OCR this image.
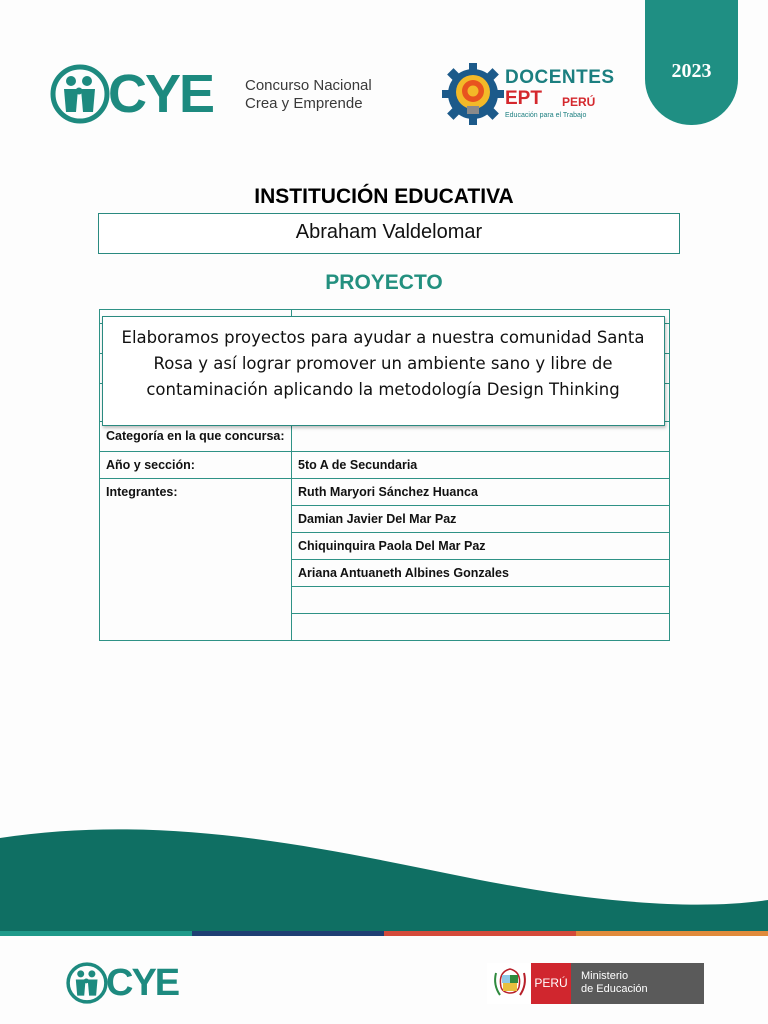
2023
CYE Concurso Nacional
Crea y Emprende
DOCENTES
EPT PERÚ
Educación para el Trabajo
INSTITUCIÓN EDUCATIVA
Abraham Valdelomar
PROYECTO

Categoría en la que concursa:	
Año y sección:	5to A de Secundaria
Integrantes:	Ruth Maryori Sánchez Huanca
	Damian Javier Del Mar Paz
	Chiquinquira Paola Del Mar Paz
	Ariana Antuaneth Albines Gonzales

Elaboramos proyectos para ayudar a nuestra comunidad Santa Rosa y así lograr promover un ambiente sano y libre de contaminación aplicando la metodología Design Thinking
CYE	PERÚ	Ministerio
de Educación
